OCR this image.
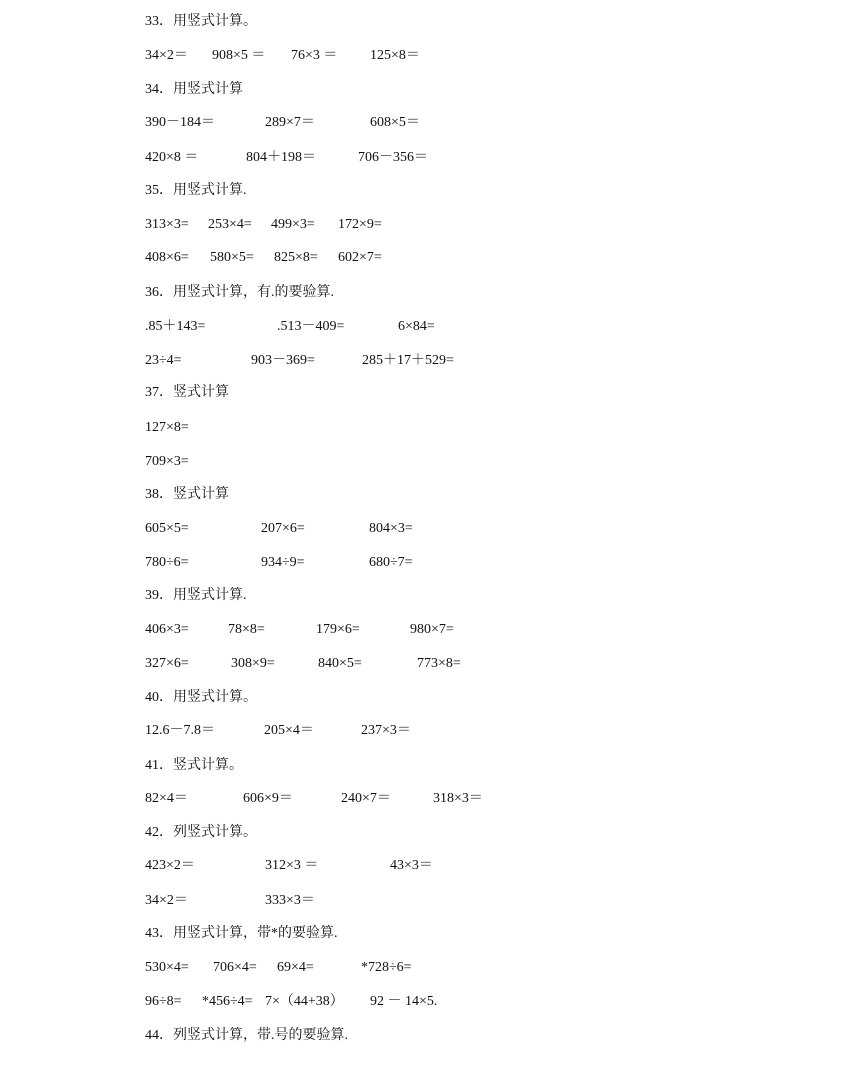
33．用竖式计算。
34×2＝ 908×5 ＝ 76×3 ＝ 125×8＝
34．用竖式计算
390－184＝	289×7＝	608×5＝
420×8 ＝	804＋198＝	706－356＝
35．用竖式计算.
313×3= 253×4= 499×3= 172×9=
408×6= 580×5= 825×8= 602×7=
36．用竖式计算，有.的要验算.
.85＋143=	.513－409=	6×84=
23÷4=	903－369=	285＋17＋529=
37．竖式计算
127×8=
709×3=
38．竖式计算
605×5=	207×6=	804×3=
780÷6=	934÷9=	680÷7=
39．用竖式计算.
406×3=	78×8=	179×6=	980×7=
327×6=	308×9=	840×5=	773×8=
40．用竖式计算。
12.6－7.8＝	205×4＝	237×3＝
41．竖式计算。
82×4＝	606×9＝	240×7＝	318×3＝
42．列竖式计算。
423×2＝	312×3 ＝	43×3＝
34×2＝	333×3＝
43．用竖式计算，带*的要验算.
530×4= 706×4= 69×4=	*728÷6=
96÷8= *456÷4= 7×（44+38） 92 － 14×5.
44．列竖式计算，带.号的要验算.
